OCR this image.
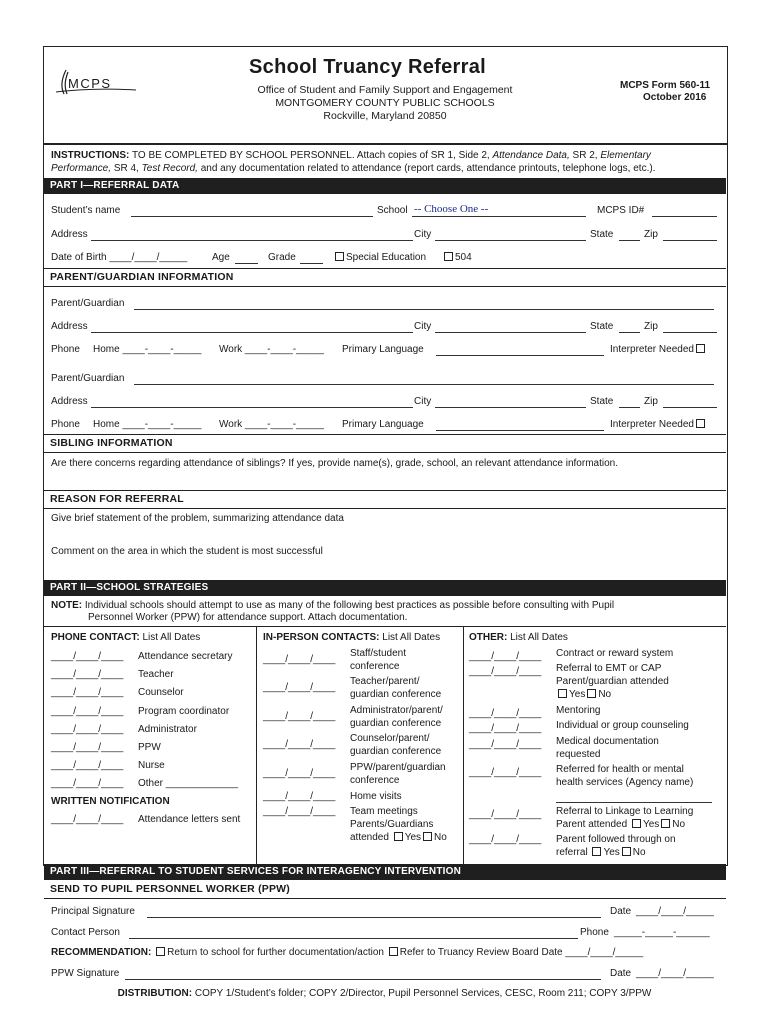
MCPS
School Truancy Referral
Office of Student and Family Support and Engagement
MONTGOMERY COUNTY PUBLIC SCHOOLS
Rockville, Maryland 20850
MCPS Form 560-11
October 2016
INSTRUCTIONS: TO BE COMPLETED BY SCHOOL PERSONNEL. Attach copies of SR 1, Side 2, Attendance Data, SR 2, Elementary
Performance, SR 4, Test Record, and any documentation related to attendance (report cards, attendance printouts, telephone logs, etc.).
PART I—REFERRAL DATA
Student’s name	School -- Choose One --	MCPS ID#
Address	City	State	Zip
Date of Birth ____/____/_____ Age	Grade	Special Education	504
PARENT/GUARDIAN INFORMATION
Parent/Guardian
Address	City	State	Zip
Phone Home ____-____-_____ Work ____-____-_____ Primary Language	Interpreter Needed
Parent/Guardian
Address	City	State	Zip
Phone Home ____-____-_____ Work ____-____-_____ Primary Language	Interpreter Needed
SIBLING INFORMATION
Are there concerns regarding attendance of siblings? If yes, provide name(s), grade, school, an relevant attendance information.
REASON FOR REFERRAL
Give brief statement of the problem, summarizing attendance data
Comment on the area in which the student is most successful
PART II—SCHOOL STRATEGIES
NOTE: Individual schools should attempt to use as many of the following best practices as possible before consulting with Pupil
Personnel Worker (PPW) for attendance support. Attach documentation.
PHONE CONTACT: List All Dates
WRITTEN NOTIFICATION
____/____/____ Attendance letters sent
IN-PERSON CONTACTS: List All Dates	OTHER: List All Dates
PART III—REFERRAL TO STUDENT SERVICES FOR INTERAGENCY INTERVENTION
SEND TO PUPIL PERSONNEL WORKER (PPW)
Principal Signature	Date ____/____/_____
Contact Person	Phone _____-_____-______
RECOMMENDATION: Return to school for further documentation/action Refer to Truancy Review Board Date ____/____/_____
PPW Signature	Date ____/____/_____
DISTRIBUTION: COPY 1/Student’s folder; COPY 2/Director, Pupil Personnel Services, CESC, Room 211; COPY 3/PPW
____/____/____ Attendance secretary
____/____/____ Teacher
____/____/____ Counselor
____/____/____ Program coordinator
____/____/____ Administrator
____/____/____ PPW
____/____/____ Nurse
____/____/____ Other _____________
____/____/____
Staff/student
conference
____/____/____
Teacher/parent/
guardian conference
____/____/____
Administrator/parent/
guardian conference
____/____/____
Counselor/parent/
guardian conference
____/____/____
PPW/parent/guardian
conference
____/____/____ Home visits
____/____/____ Team meetings
Parents/Guardians
attended Yes No
____/____/____ Contract or reward system
____/____/____ Referral to EMT or CAP
Parent/guardian attended
Yes No
____/____/____ Mentoring
____/____/____ Individual or group counseling
____/____/____ Medical documentation
requested
____/____/____ Referred for health or mental
health services (Agency name)
____/____/____ Referral to Linkage to Learning
Parent attended Yes No
____/____/____ Parent followed through on
referral Yes No
